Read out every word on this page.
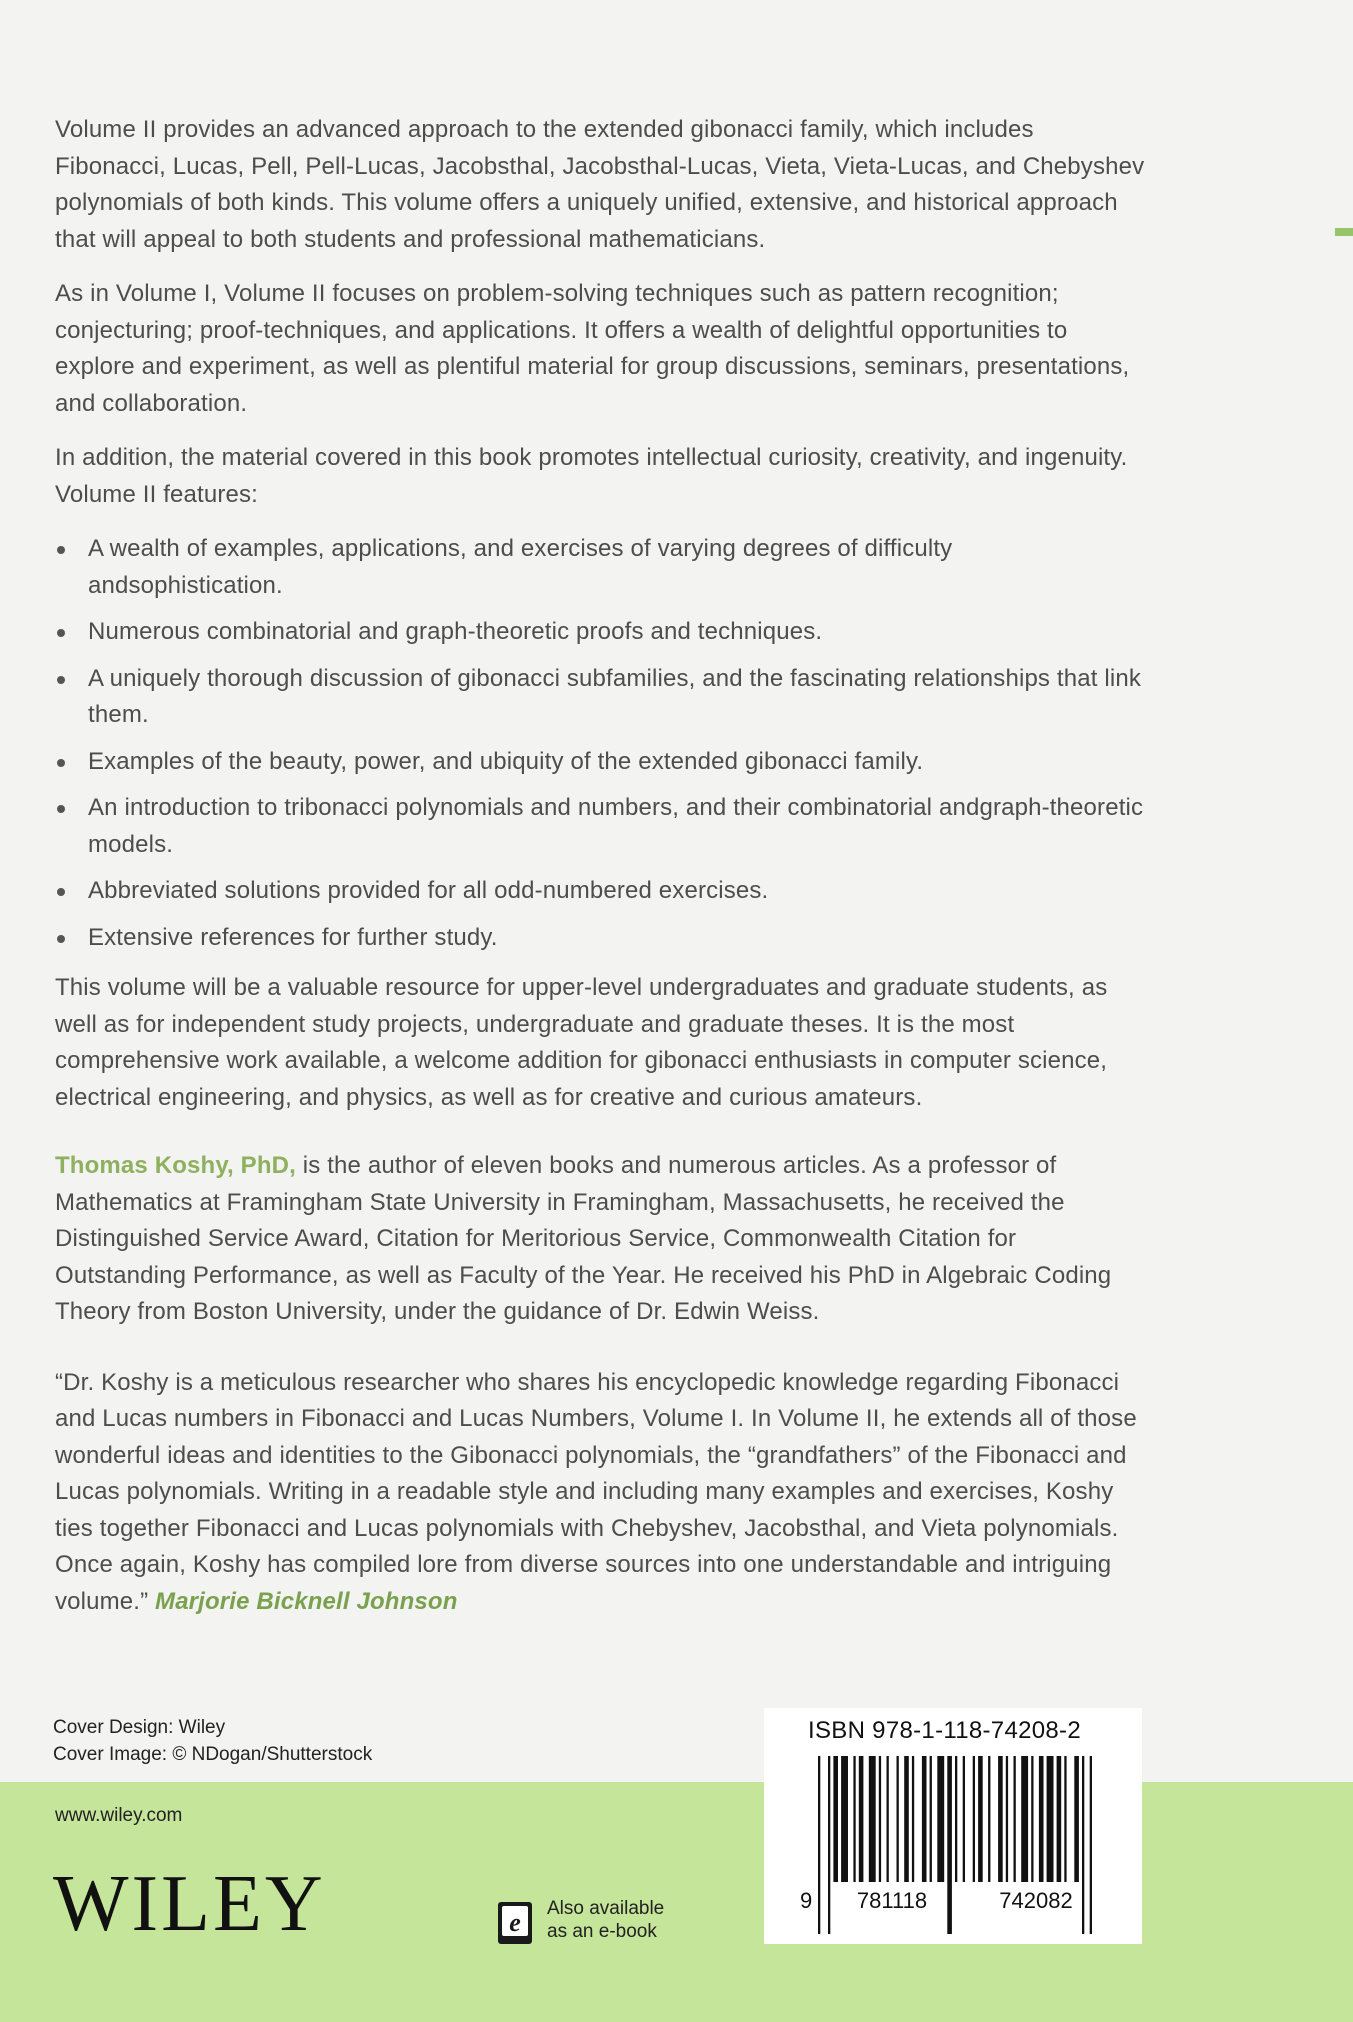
Volume II provides an advanced approach to the extended gibonacci family, which includes Fibonacci, Lucas, Pell, Pell-Lucas, Jacobsthal, Jacobsthal-Lucas, Vieta, Vieta-Lucas, and Chebyshev polynomials of both kinds. This volume offers a uniquely unified, extensive, and historical approach that will appeal to both students and professional mathematicians.

As in Volume I, Volume II focuses on problem-solving techniques such as pattern recognition; conjecturing; proof-techniques, and applications. It offers a wealth of delightful opportunities to explore and experiment, as well as plentiful material for group discussions, seminars, presentations, and collaboration.

In addition, the material covered in this book promotes intellectual curiosity, creativity, and ingenuity. Volume II features:

A wealth of examples, applications, and exercises of varying degrees of difficulty andsophistication.
Numerous combinatorial and graph-theoretic proofs and techniques.
A uniquely thorough discussion of gibonacci subfamilies, and the fascinating relationships that link them.
Examples of the beauty, power, and ubiquity of the extended gibonacci family.
An introduction to tribonacci polynomials and numbers, and their combinatorial andgraph-theoretic models.
Abbreviated solutions provided for all odd-numbered exercises.
Extensive references for further study.

This volume will be a valuable resource for upper-level undergraduates and graduate students, as well as for independent study projects, undergraduate and graduate theses. It is the most comprehensive work available, a welcome addition for gibonacci enthusiasts in computer science, electrical engineering, and physics, as well as for creative and curious amateurs.

Thomas Koshy, PhD, is the author of eleven books and numerous articles. As a professor of Mathematics at Framingham State University in Framingham, Massachusetts, he received the Distinguished Service Award, Citation for Meritorious Service, Commonwealth Citation for Outstanding Performance, as well as Faculty of the Year. He received his PhD in Algebraic Coding Theory from Boston University, under the guidance of Dr. Edwin Weiss.

“Dr. Koshy is a meticulous researcher who shares his encyclopedic knowledge regarding Fibonacci and Lucas numbers in Fibonacci and Lucas Numbers, Volume I. In Volume II, he extends all of those wonderful ideas and identities to the Gibonacci polynomials, the “grandfathers” of the Fibonacci and Lucas polynomials. Writing in a readable style and including many examples and exercises, Koshy ties together Fibonacci and Lucas polynomials with Chebyshev, Jacobsthal, and Vieta polynomials. Once again, Koshy has compiled lore from diverse sources into one understandable and intriguing volume.” Marjorie Bicknell Johnson

Cover Design: Wiley
Cover Image: © NDogan/Shutterstock
www.wiley.com
WILEY	e Also available
as an e-book
ISBN 978-1-118-74208-2
9 781118	742082
